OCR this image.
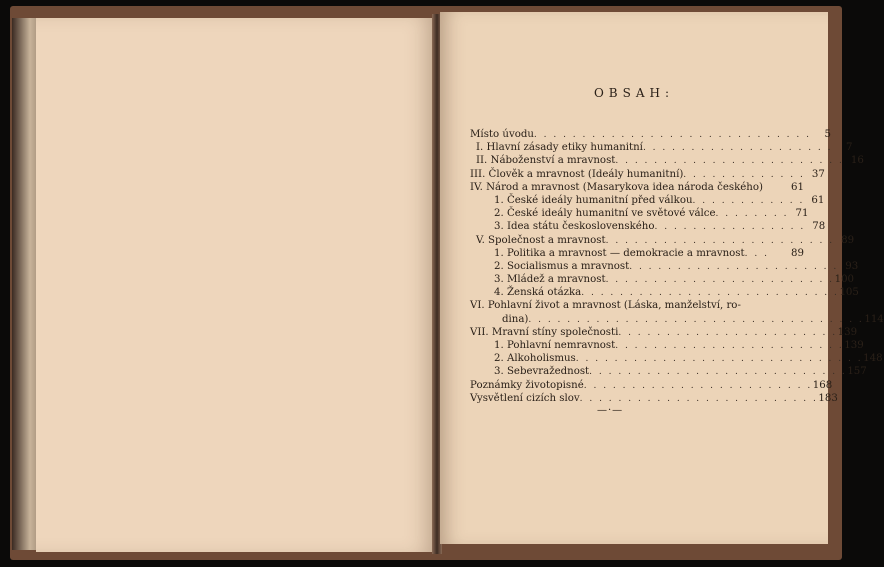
OBSAH:
Místo úvodu . . . . . . . . . . . . . . . . . . . . . . . . . . . . .	5
I. Hlavní zásady etiky humanitní . . . . . . . . . . . . . . . . . . . .	7
II. Náboženství a mravnost . . . . . . . . . . . . . . . . . . . . . . . . 16
III. Člověk a mravnost (Ideály humanitní) . . . . . . . . . . . . . 37
IV. Národ a mravnost (Masarykova idea národa českého)	61
1. České ideály humanitní před válkou . . . . . . . . . . . . 61
2. České ideály humanitní ve světové válce . . . . . . . . 71
3. Idea státu československého . . . . . . . . . . . . . . . . 78
V. Společnost a mravnost . . . . . . . . . . . . . . . . . . . . . . . . 89
1. Politika a mravnost — demokracie a mravnost . . .	89
2. Socialismus a mravnost . . . . . . . . . . . . . . . . . . . . . . 93
3. Mládež a mravnost . . . . . . . . . . . . . . . . . . . . . . . . 100
4. Ženská otázka . . . . . . . . . . . . . . . . . . . . . . . . . . . 105
VI. Pohlavní život a mravnost (Láska, manželství, ro-
dina) . . . . . . . . . . . . . . . . . . . . . . . . . . . . . . . . . . . 114
VII. Mravní stíny společnosti . . . . . . . . . . . . . . . . . . . . . . . 139
1. Pohlavní nemravnost . . . . . . . . . . . . . . . . . . . . . . . . 139
2. Alkoholismus . . . . . . . . . . . . . . . . . . . . . . . . . . . . . . 148
3. Sebevražednost . . . . . . . . . . . . . . . . . . . . . . . . . . . 157
Poznámky životopisné . . . . . . . . . . . . . . . . . . . . . . . . 168
Vysvětlení cizích slov . . . . . . . . . . . . . . . . . . . . . . . . . 183
—·—
